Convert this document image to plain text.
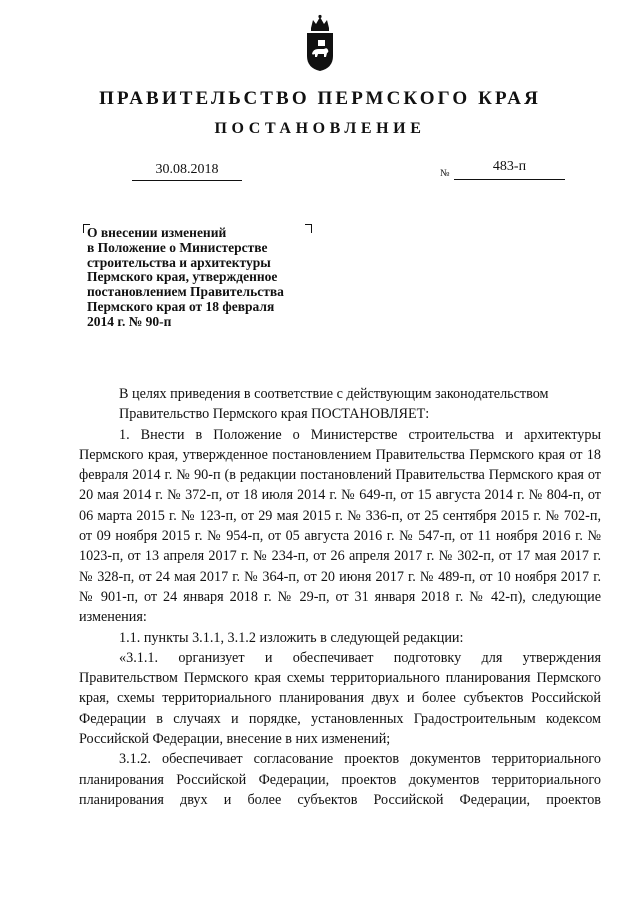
ПРАВИТЕЛЬСТВО ПЕРМСКОГО КРАЯ
ПОСТАНОВЛЕНИЕ
30.08.2018	№	483-п
О внесении изменений
в Положение о Министерстве
строительства и архитектуры
Пермского края, утвержденное
постановлением Правительства
Пермского края от 18 февраля
2014 г. № 90-п

В целях приведения в соответствие с действующим законодательством

Правительство Пермского края ПОСТАНОВЛЯЕТ:

1. Внести в Положение о Министерстве строительства и архитектуры Пермского края, утвержденное постановлением Правительства Пермского края от 18 февраля 2014 г. № 90-п (в редакции постановлений Правительства Пермского края от 20 мая 2014 г. № 372-п, от 18 июля 2014 г. № 649-п, от 15 августа 2014 г. № 804-п, от 06 марта 2015 г. № 123-п, от 29 мая 2015 г. № 336-п, от 25 сентября 2015 г. № 702-п, от 09 ноября 2015 г. № 954-п, от 05 августа 2016 г. № 547-п, от 11 ноября 2016 г. № 1023-п, от 13 апреля 2017 г. № 234-п, от 26 апреля 2017 г. № 302-п, от 17 мая 2017 г. № 328-п, от 24 мая 2017 г. № 364-п, от 20 июня 2017 г. № 489-п, от 10 ноября 2017 г. № 901-п, от 24 января 2018 г. № 29-п, от 31 января 2018 г. № 42-п), следующие изменения:

1.1. пункты 3.1.1, 3.1.2 изложить в следующей редакции:

«3.1.1. организует и обеспечивает подготовку для утверждения Правительством Пермского края схемы территориального планирования Пермского края, схемы территориального планирования двух и более субъектов Российской Федерации в случаях и порядке, установленных Градостроительным кодексом Российской Федерации, внесение в них изменений;

3.1.2. обеспечивает согласование проектов документов территориального планирования Российской Федерации, проектов документов территориального планирования двух и более субъектов Российской Федерации, проектов
